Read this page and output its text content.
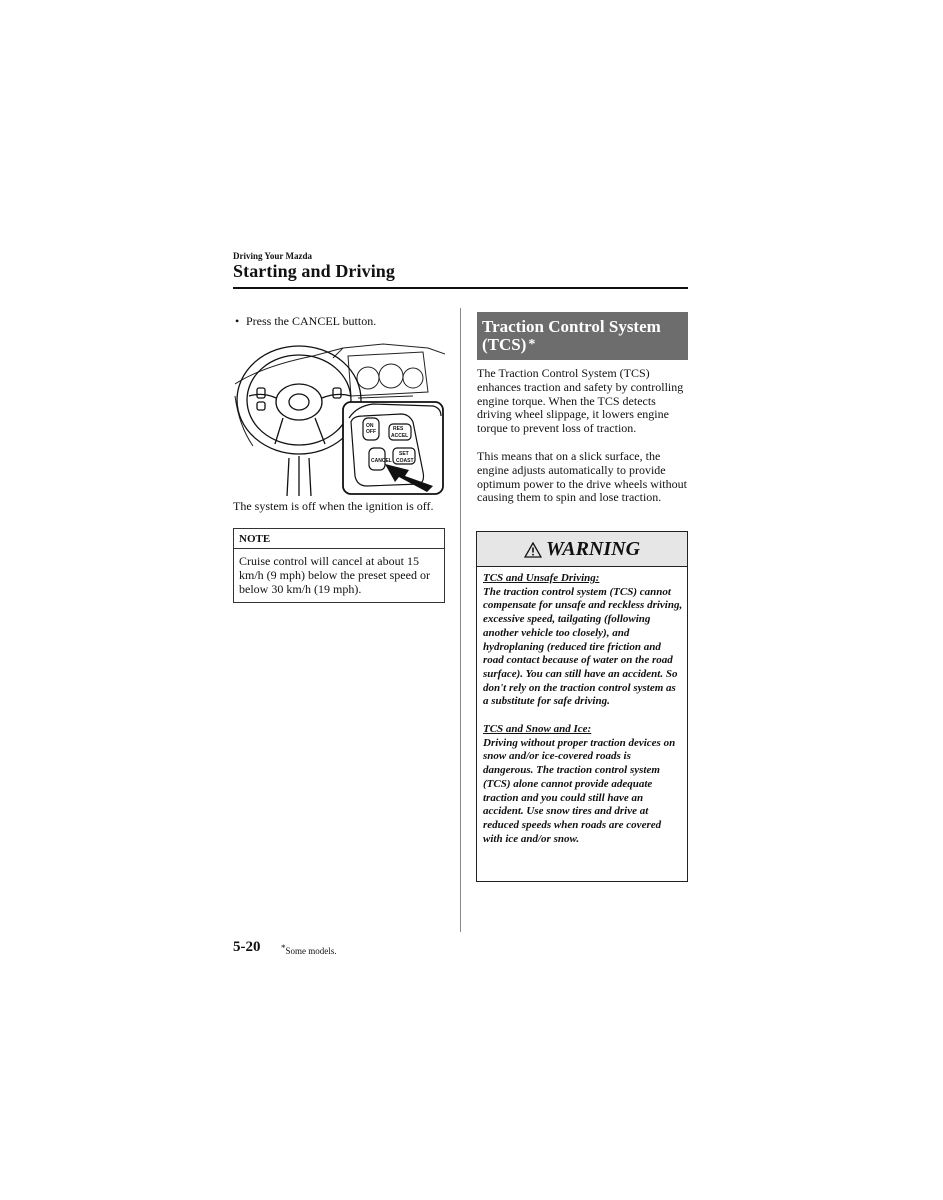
Driving Your Mazda
Starting and Driving
• Press the CANCEL button.
ON
OFF	RES
ACCEL
CANCEL
SET
COAST
The system is off when the ignition is off.
NOTE
Cruise control will cancel at about 15 km/h (9 mph) below the preset speed or below 30 km/h (19 mph).
Traction Control System (TCS) *
The Traction Control System (TCS) enhances traction and safety by controlling engine torque. When the TCS detects driving wheel slippage, it lowers engine torque to prevent loss of traction.
This means that on a slick surface, the engine adjusts automatically to provide optimum power to the drive wheels without causing them to spin and lose traction.
WARNING
TCS and Unsafe Driving:
The traction control system (TCS) cannot compensate for unsafe and reckless driving, excessive speed, tailgating (following another vehicle too closely), and hydroplaning (reduced tire friction and road contact because of water on the road surface). You can still have an accident. So don't rely on the traction control system as a substitute for safe driving.
TCS and Snow and Ice:
Driving without proper traction devices on snow and/or ice-covered roads is dangerous. The traction control system (TCS) alone cannot provide adequate traction and you could still have an accident. Use snow tires and drive at reduced speeds when roads are covered with ice and/or snow.
5-20 *Some models.
